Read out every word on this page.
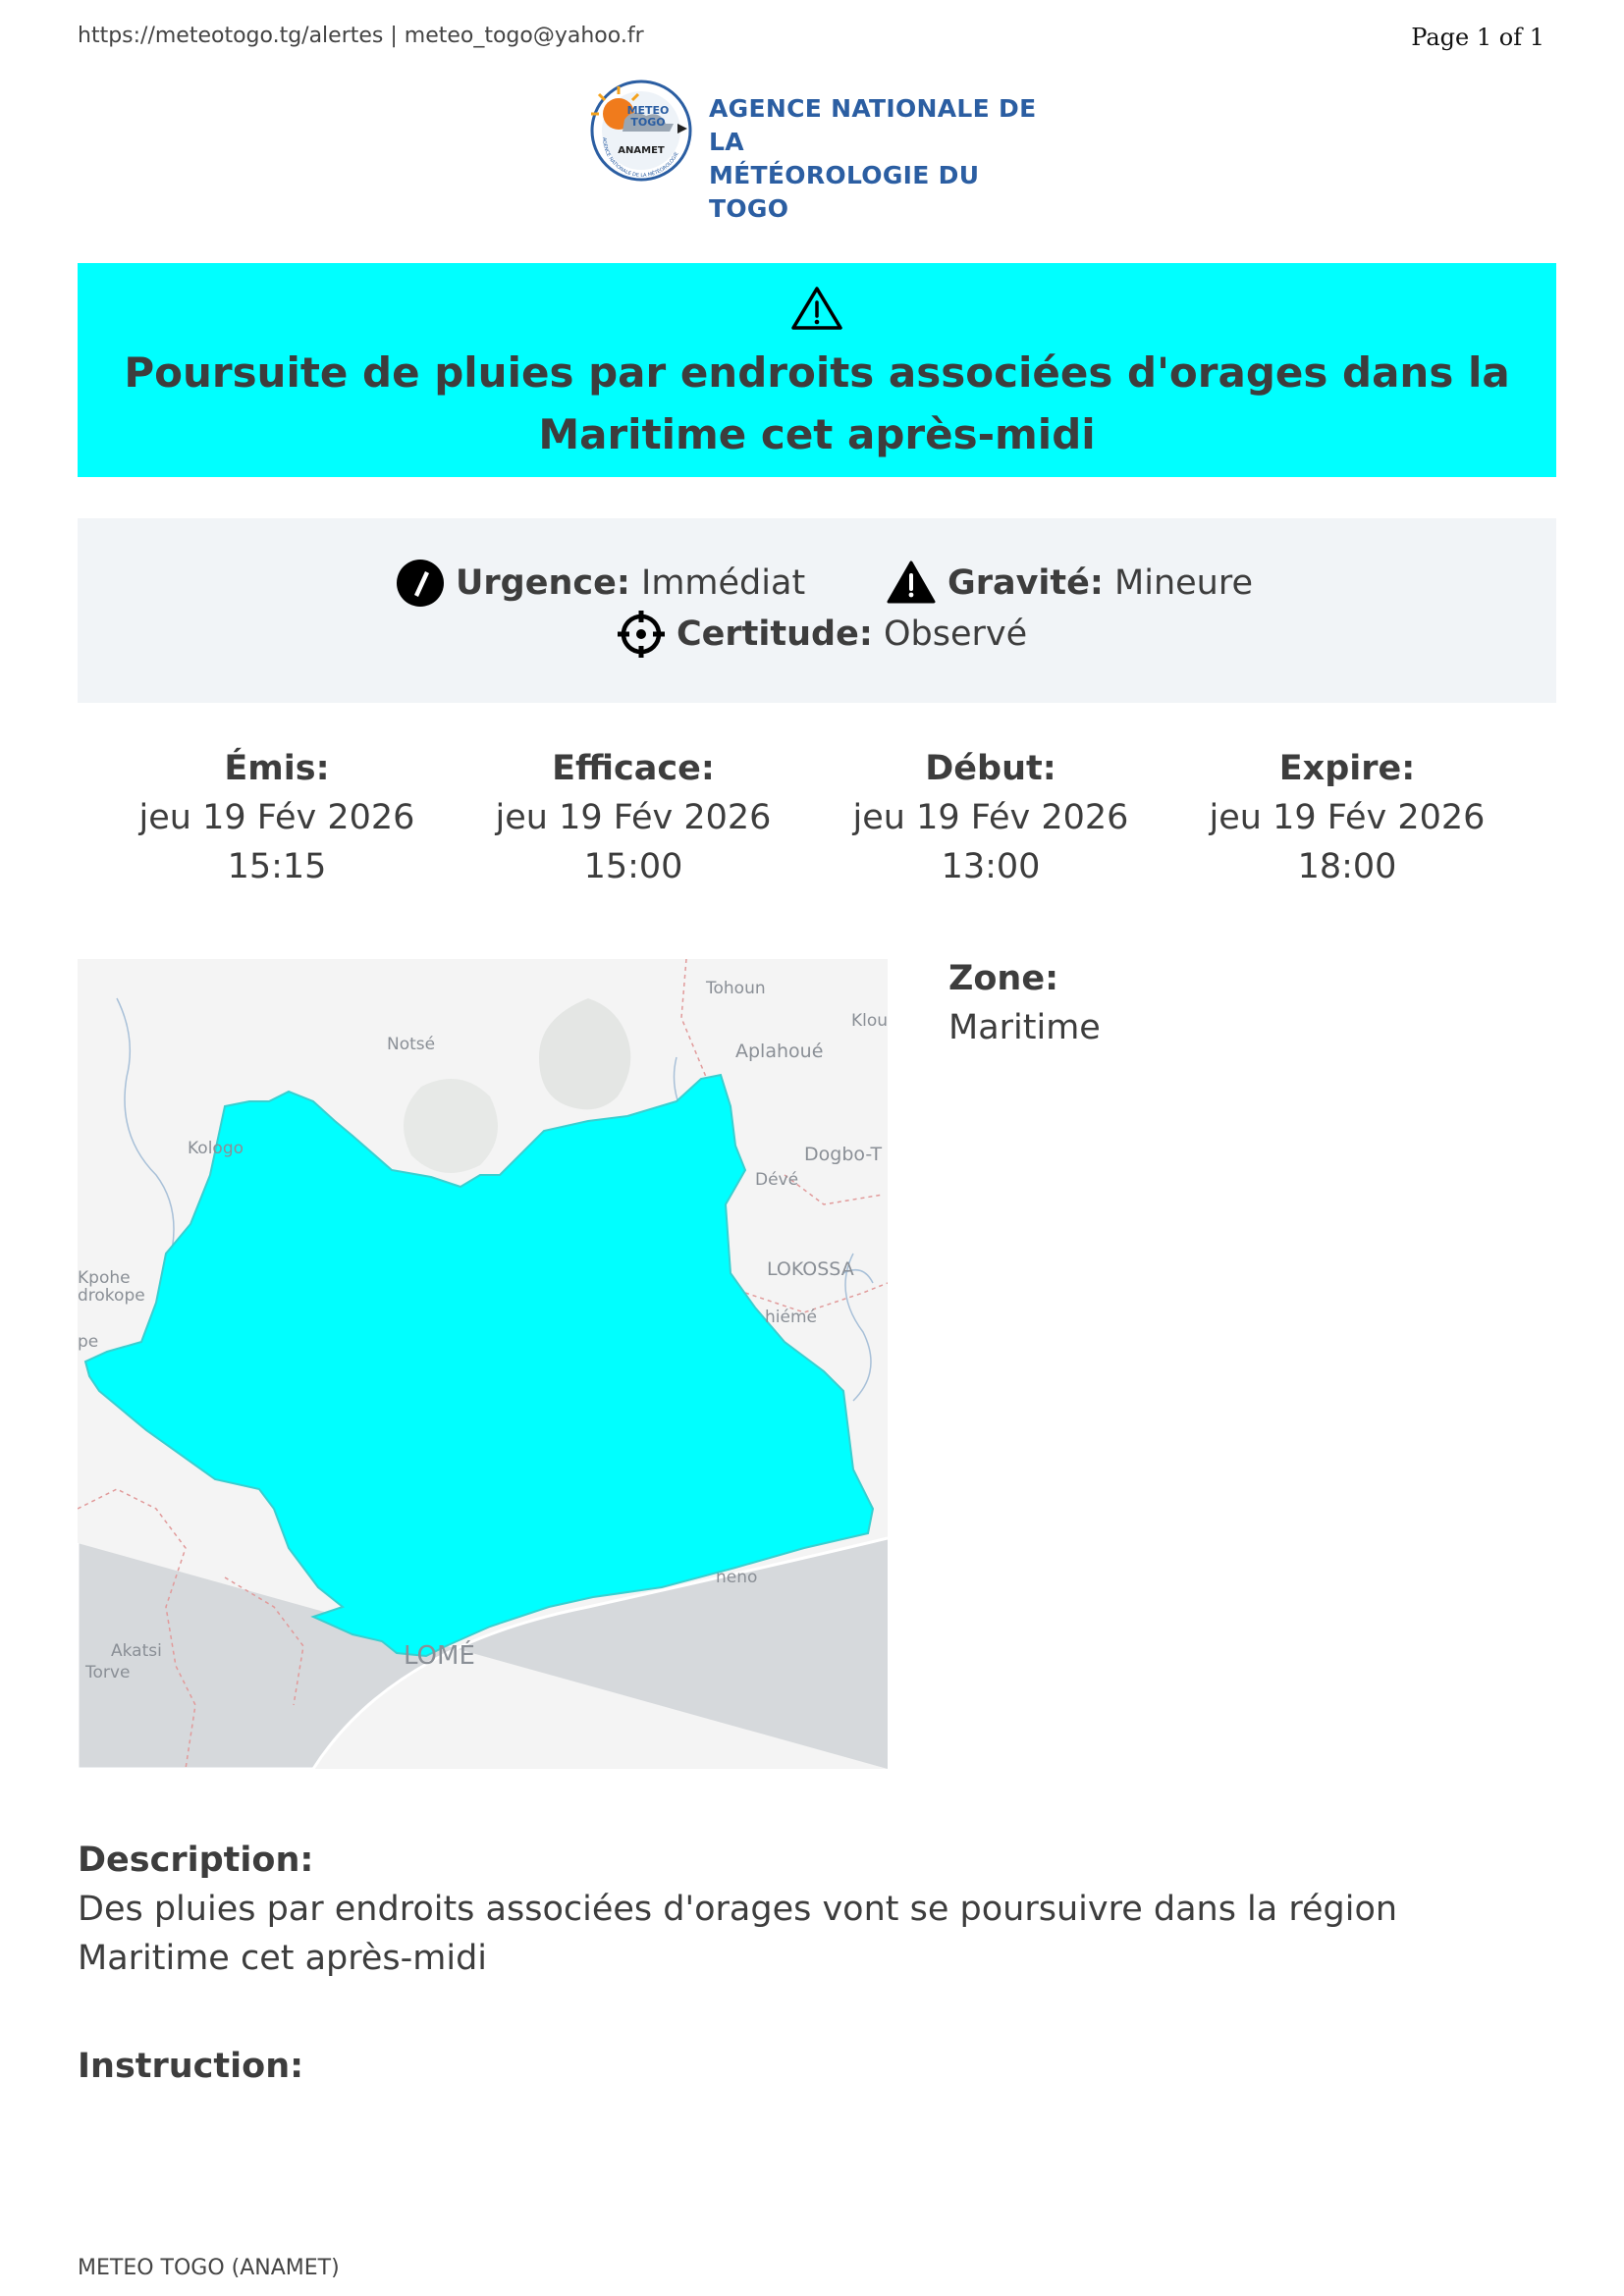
https://meteotogo.tg/alertes | meteo_togo@yahoo.fr	Page 1 of 1
METEO
TOGO
ANAMET
AGENCE NATIONALE DE LA MÉTÉOROLOGIE
AGENCE NATIONALE DE LA
MÉTÉOROLOGIE DU TOGO
Poursuite de pluies par endroits associées d'orages dans la Maritime cet après-midi
Urgence: Immédiat	Gravité: Mineure
Certitude: Observé
Émis:
jeu 19 Fév 2026
15:15
Efficace:
jeu 19 Fév 2026
15:00
Début:
jeu 19 Fév 2026
13:00
Expire:
jeu 19 Fév 2026
18:00
Tohoun
Notsé
Klou
Aplahoué
Kologo	Dogbo-T
Dévé
Kpohe
drokope
LOKOSSA
hiémé
pe
neno
Akatsi
Torve
LOMÉ
Zone:
Maritime
Description:
Des pluies par endroits associées d'orages vont se poursuivre dans la région Maritime cet après-midi
Instruction:
METEO TOGO (ANAMET)
